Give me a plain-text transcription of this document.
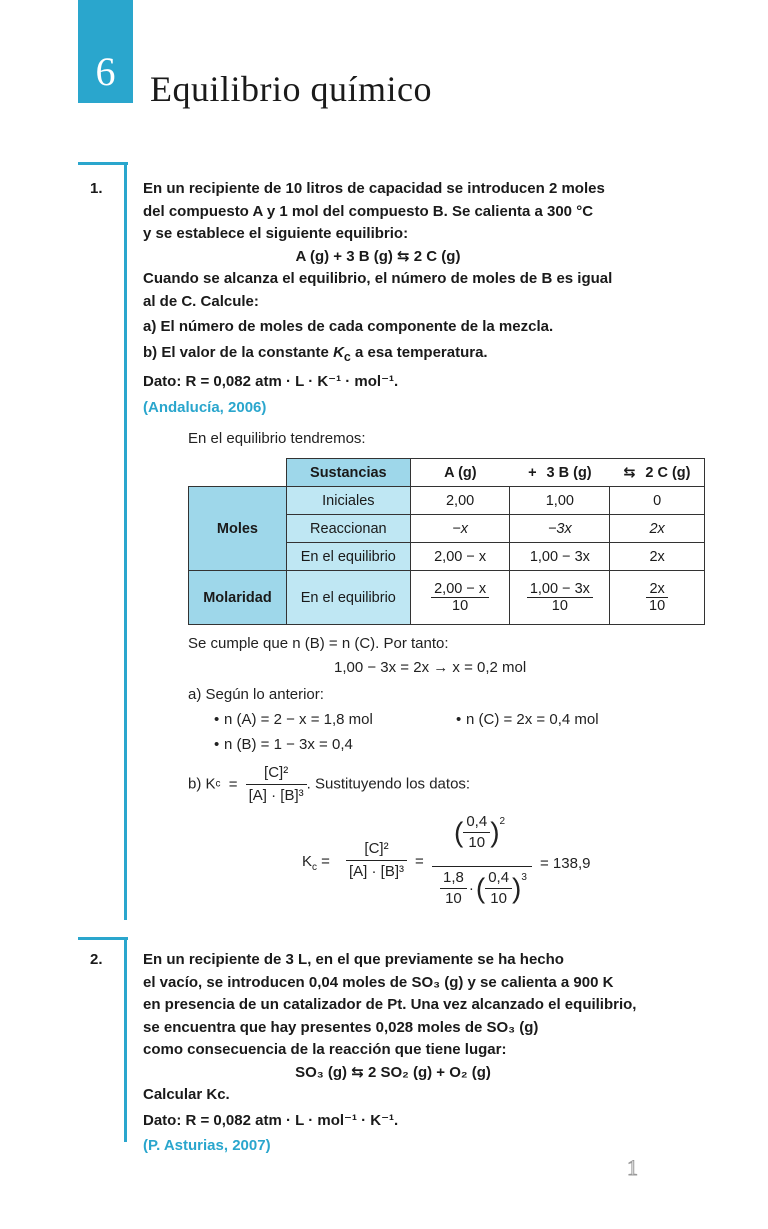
6 Equilibrio químico
1.	En un recipiente de 10 litros de capacidad se introducen 2 moles

del compuesto A y 1 mol del compuesto B. Se calienta a 300 °C

y se establece el siguiente equilibrio:

A (g) + 3 B (g) ⇆ 2 C (g)

Cuando se alcanza el equilibrio, el número de moles de B es igual

al de C. Calcule:

a) El número de moles de cada componente de la mezcla.

b) El valor de la constante $K_c$ a esa temperatura.

Dato: R = 0,082 atm · L · K⁻¹ · mol⁻¹.

(Andalucía, 2006)

En el equilibrio tendremos:
	Sustancias	A (g)	+ 3 B (g)	⇆ 2 C (g)
Moles	Iniciales	2,00	1,00	0
	Reaccionan	−x	−3x	2x
	En el equilibrio	2,00 − x	1,00 − 3x	2x
Molaridad	En el equilibrio	$\frac{2,00 - x}{10}$	$\frac{1,00 - 3x}{10}$	$\frac{2x}{10}$
Se cumple que n (B) = n (C). Por tanto:
1,00 − 3x = 2x → x = 0,2 mol
a) Según lo anterior:
• n (A) = 2 − x = 1,8 mol	• n (C) = 2x = 0,4 mol
• n (B) = 1 − 3x = 0,4
b) $Kc = \frac{\text{[C]²}}{\text{[A] · [B]³}}$ . Sustituyendo los datos:
$K_c = \frac{\text{[C]²}}{\text{[A] · [B]³}}$ =
( $\frac{0,4}{10} )^2$
$\frac{1,8}{10}$ ·( $\frac{0,4}{10} )^3$
= 138,9
2.	En un recipiente de 3 L, en el que previamente se ha hecho

el vacío, se introducen 0,04 moles de SO₃ (g) y se calienta a 900 K

en presencia de un catalizador de Pt. Una vez alcanzado el equilibrio,

se encuentra que hay presentes 0,028 moles de SO₃ (g)

como consecuencia de la reacción que tiene lugar:

SO₃ (g) ⇆ 2 SO₂ (g) + O₂ (g)

Calcular Kc.

Dato: R = 0,082 atm · L · mol⁻¹ · K⁻¹.

(P. Asturias, 2007)

1
